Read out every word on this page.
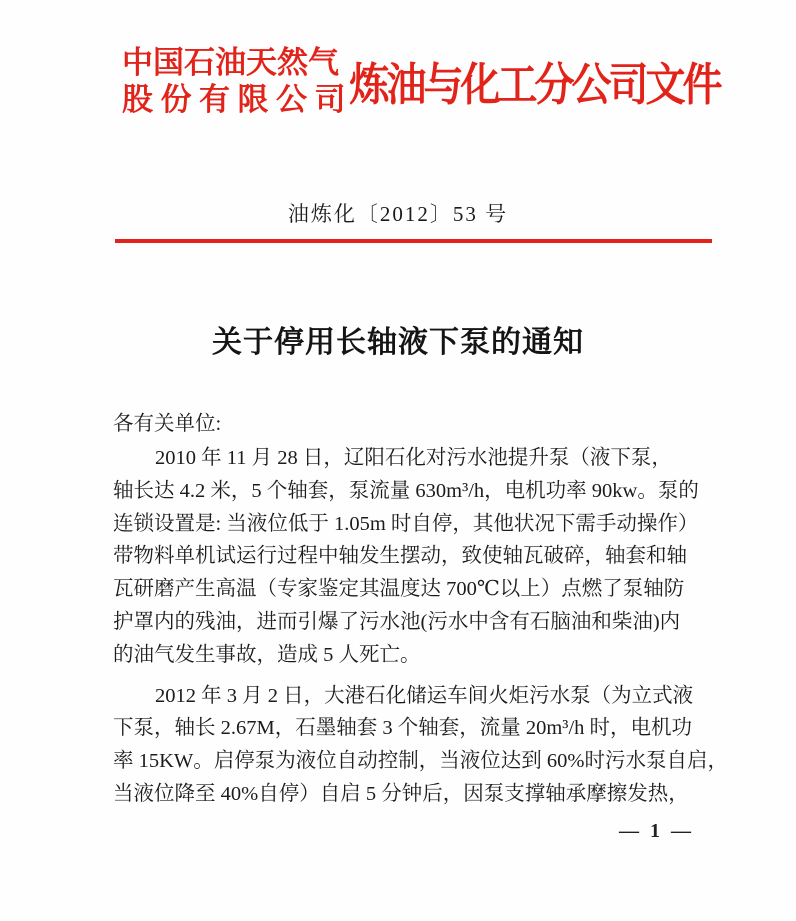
中国石油天然气
股份有限公司
炼油与化工分公司文件
油炼化〔2012〕53 号
关于停用长轴液下泵的通知
各有关单位:
2010 年 11 月 28 日，辽阳石化对污水池提升泵（液下泵，
轴长达 4.2 米，5 个轴套，泵流量 630m³/h，电机功率 90kw。泵的
连锁设置是: 当液位低于 1.05m 时自停，其他状况下需手动操作）
带物料单机试运行过程中轴发生摆动，致使轴瓦破碎，轴套和轴
瓦研磨产生高温（专家鉴定其温度达 700℃以上）点燃了泵轴防
护罩内的残油，进而引爆了污水池(污水中含有石脑油和柴油)内
的油气发生事故，造成 5 人死亡。
2012 年 3 月 2 日，大港石化储运车间火炬污水泵（为立式液
下泵，轴长 2.67M，石墨轴套 3 个轴套，流量 20m³/h 时，电机功
率 15KW。启停泵为液位自动控制，当液位达到 60%时污水泵自启，
当液位降至 40%自停）自启 5 分钟后，因泵支撑轴承摩擦发热，
— 1 —
